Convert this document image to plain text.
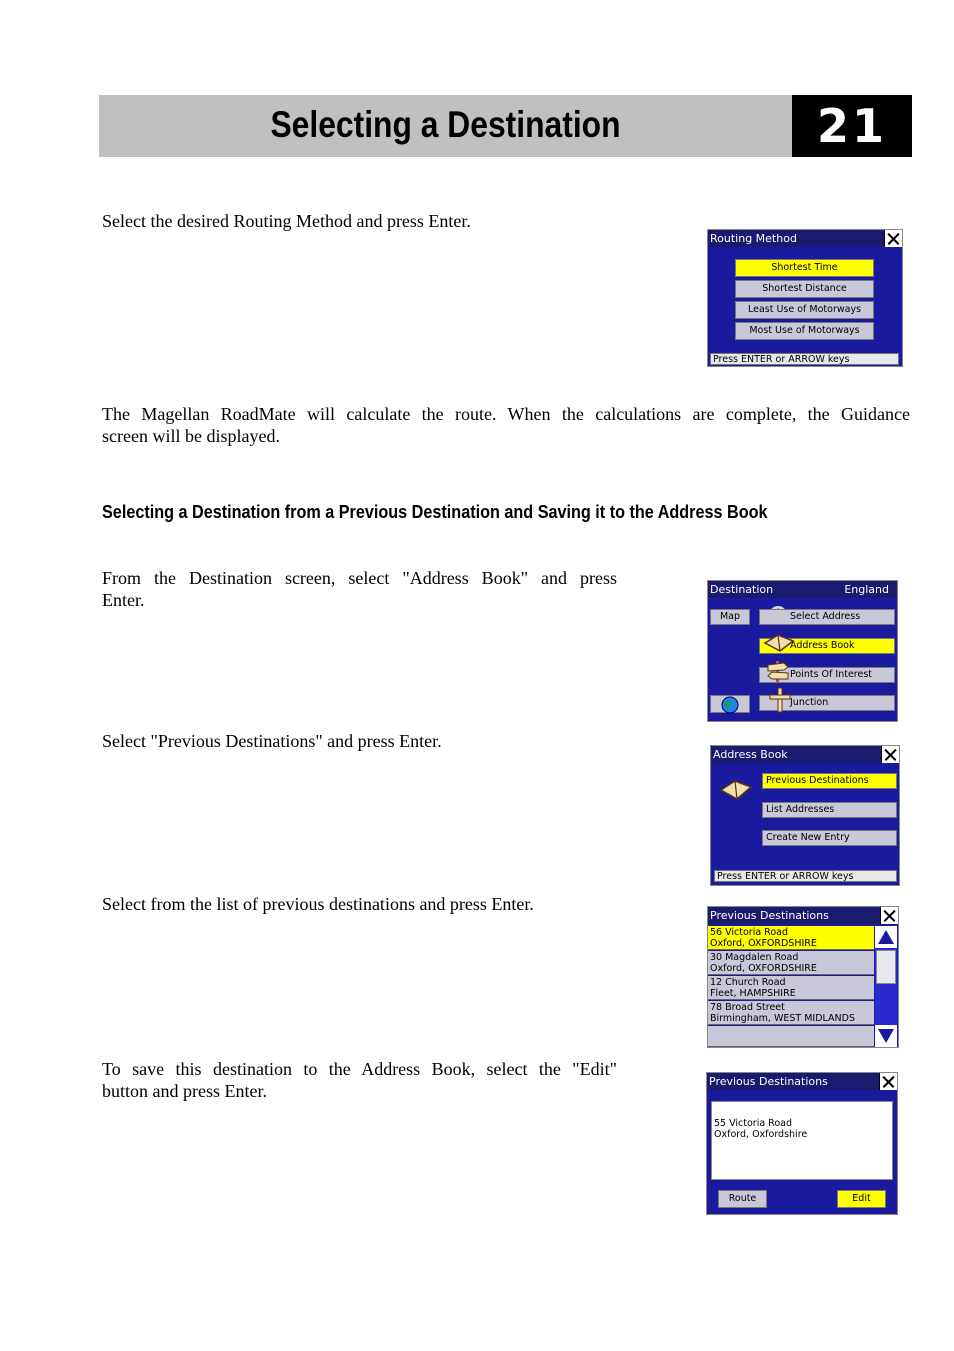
Selecting a Destination	21
Select the desired Routing Method and press Enter.
The Magellan RoadMate will calculate the route. When the calculations are complete, the Guidance
screen will be displayed.
Selecting a Destination from a Previous Destination and Saving it to the Address Book
From the Destination screen, select "Address Book" and press
Enter.
Select "Previous Destinations" and press Enter.
Select from the list of previous destinations and press Enter.
To save this destination to the Address Book, select the "Edit"
button and press Enter.
Routing Method
Shortest Time
Shortest Distance
Least Use of Motorways
Most Use of Motorways
Press ENTER or ARROW keys
Destination	England
Map	Select Address
Address Book
Points Of Interest
Junction
Address Book
Previous Destinations
List Addresses
Create New Entry
Press ENTER or ARROW keys
Previous Destinations
56 Victoria Road
Oxford, OXFORDSHIRE
30 Magdalen Road
Oxford, OXFORDSHIRE
12 Church Road
Fleet, HAMPSHIRE
78 Broad Street
Birmingham, WEST MIDLANDS
Previous Destinations
55 Victoria Road
Oxford, Oxfordshire
Route	Edit
